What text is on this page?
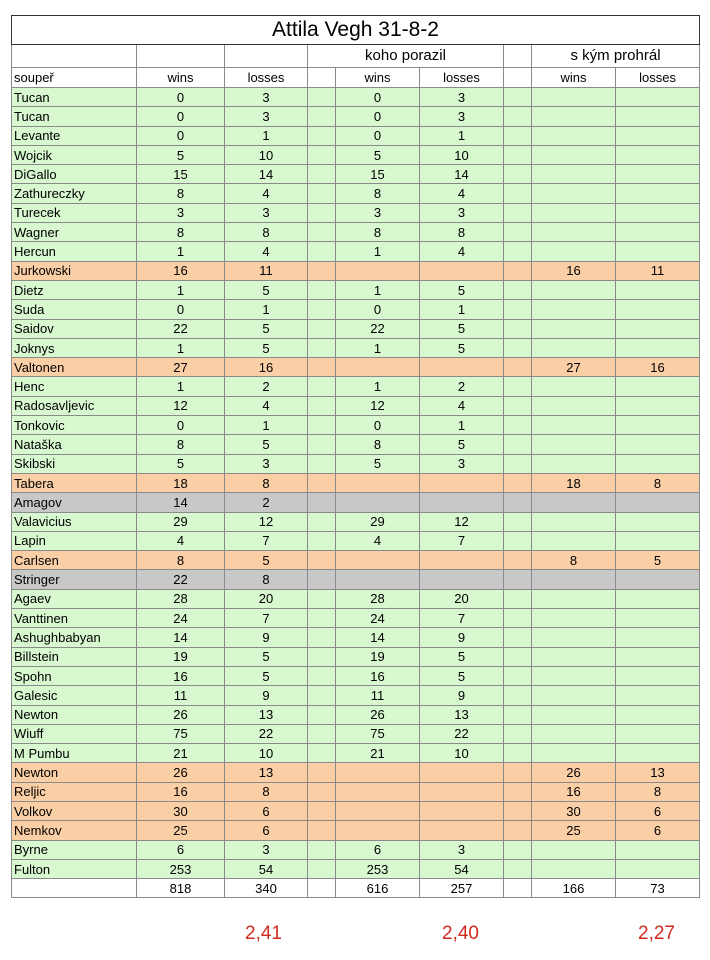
Attila Vegh 31-8-2								
			koho porazil				s kým prohrál	
soupeř	wins	losses		wins	losses		wins	losses
Tucan	0	3		0	3			
Tucan	0	3		0	3			
Levante	0	1		0	1			
Wojcik	5	10		5	10			
DiGallo	15	14		15	14			
Zathureczky	8	4		8	4			
Turecek	3	3		3	3			
Wagner	8	8		8	8			
Hercun	1	4		1	4			
Jurkowski	16	11					16	11
Dietz	1	5		1	5			
Suda	0	1		0	1			
Saidov	22	5		22	5			
Joknys	1	5		1	5			
Valtonen	27	16					27	16
Henc	1	2		1	2			
Radosavljevic	12	4		12	4			
Tonkovic	0	1		0	1			
Nataška	8	5		8	5			
Skibski	5	3		5	3			
Tabera	18	8					18	8
Amagov	14	2						
Valavicius	29	12		29	12			
Lapin	4	7		4	7			
Carlsen	8	5					8	5
Stringer	22	8						
Agaev	28	20		28	20			
Vanttinen	24	7		24	7			
Ashughbabyan	14	9		14	9			
Billstein	19	5		19	5			
Spohn	16	5		16	5			
Galesic	11	9		11	9			
Newton	26	13		26	13			
Wiuff	75	22		75	22			
M Pumbu	21	10		21	10			
Newton	26	13					26	13
Reljic	16	8					16	8
Volkov	30	6					30	6
Nemkov	25	6					25	6
Byrne	6	3		6	3			
Fulton	253	54		253	54			
	818	340		616	257		166	73
2,41	2,40	2,27
